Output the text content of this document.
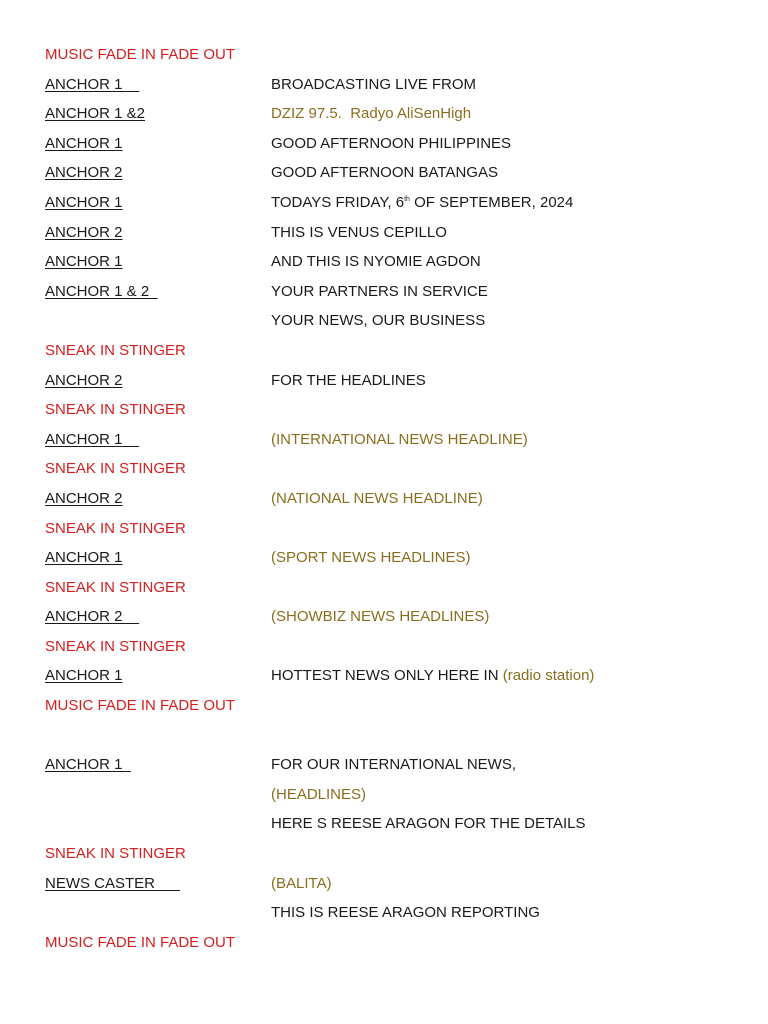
MUSIC FADE IN FADE OUT
ANCHOR 1	BROADCASTING LIVE FROM
ANCHOR 1 &2	DZIZ 97.5.  Radyo AliSenHigh
ANCHOR 1	GOOD AFTERNOON PHILIPPINES
ANCHOR 2	GOOD AFTERNOON BATANGAS
ANCHOR 1	TODAYS FRIDAY, 6th OF SEPTEMBER, 2024
ANCHOR 2	THIS IS VENUS CEPILLO
ANCHOR 1	AND THIS IS NYOMIE AGDON
ANCHOR 1 & 2	YOUR PARTNERS IN SERVICE
YOUR NEWS, OUR BUSINESS
SNEAK IN STINGER
ANCHOR 2	FOR THE HEADLINES
SNEAK IN STINGER
ANCHOR 1	(INTERNATIONAL NEWS HEADLINE)
SNEAK IN STINGER
ANCHOR 2	(NATIONAL NEWS HEADLINE)
SNEAK IN STINGER
ANCHOR 1	(SPORT NEWS HEADLINES)
SNEAK IN STINGER
ANCHOR 2	(SHOWBIZ NEWS HEADLINES)
SNEAK IN STINGER
ANCHOR 1	HOTTEST NEWS ONLY HERE IN (radio station)
MUSIC FADE IN FADE OUT
ANCHOR 1	FOR OUR INTERNATIONAL NEWS,
(HEADLINES)
HERE S REESE ARAGON FOR THE DETAILS
SNEAK IN STINGER
NEWS CASTER	(BALITA)
THIS IS REESE ARAGON REPORTING
MUSIC FADE IN FADE OUT
